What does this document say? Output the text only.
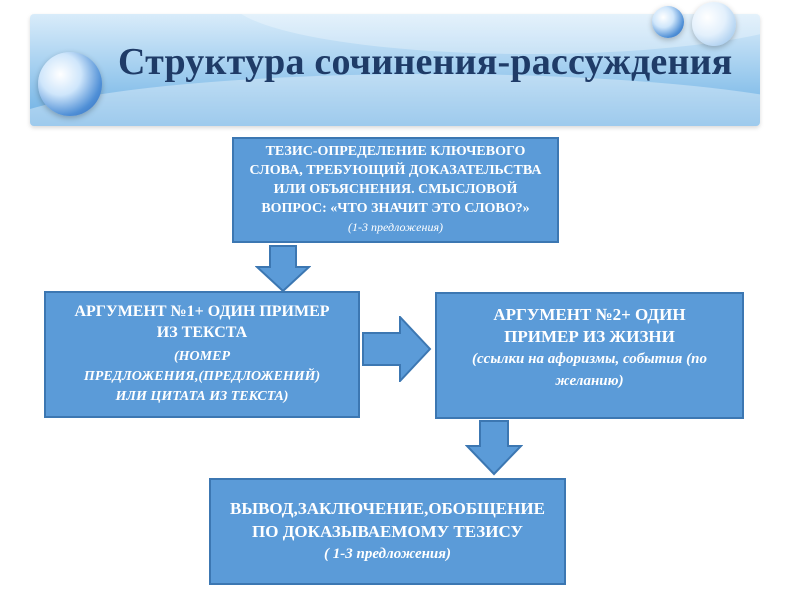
Структура сочинения-рассуждения
ТЕЗИС-ОПРЕДЕЛЕНИЕ КЛЮЧЕВОГО
СЛОВА, ТРЕБУЮЩИЙ ДОКАЗАТЕЛЬСТВА
ИЛИ ОБЪЯСНЕНИЯ. СМЫСЛОВОЙ
ВОПРОС: «ЧТО ЗНАЧИТ ЭТО СЛОВО?»
(1-3 предложения)
АРГУМЕНТ №1+ ОДИН ПРИМЕР
ИЗ ТЕКСТА
(НОМЕР
ПРЕДЛОЖЕНИЯ,(ПРЕДЛОЖЕНИЙ)
ИЛИ ЦИТАТА ИЗ ТЕКСТА)
АРГУМЕНТ №2+ ОДИН
ПРИМЕР ИЗ ЖИЗНИ
(ссылки на афоризмы, события (по
желанию)
ВЫВОД,ЗАКЛЮЧЕНИЕ,ОБОБЩЕНИЕ
ПО ДОКАЗЫВАЕМОМУ ТЕЗИСУ
( 1-3 предложения)
